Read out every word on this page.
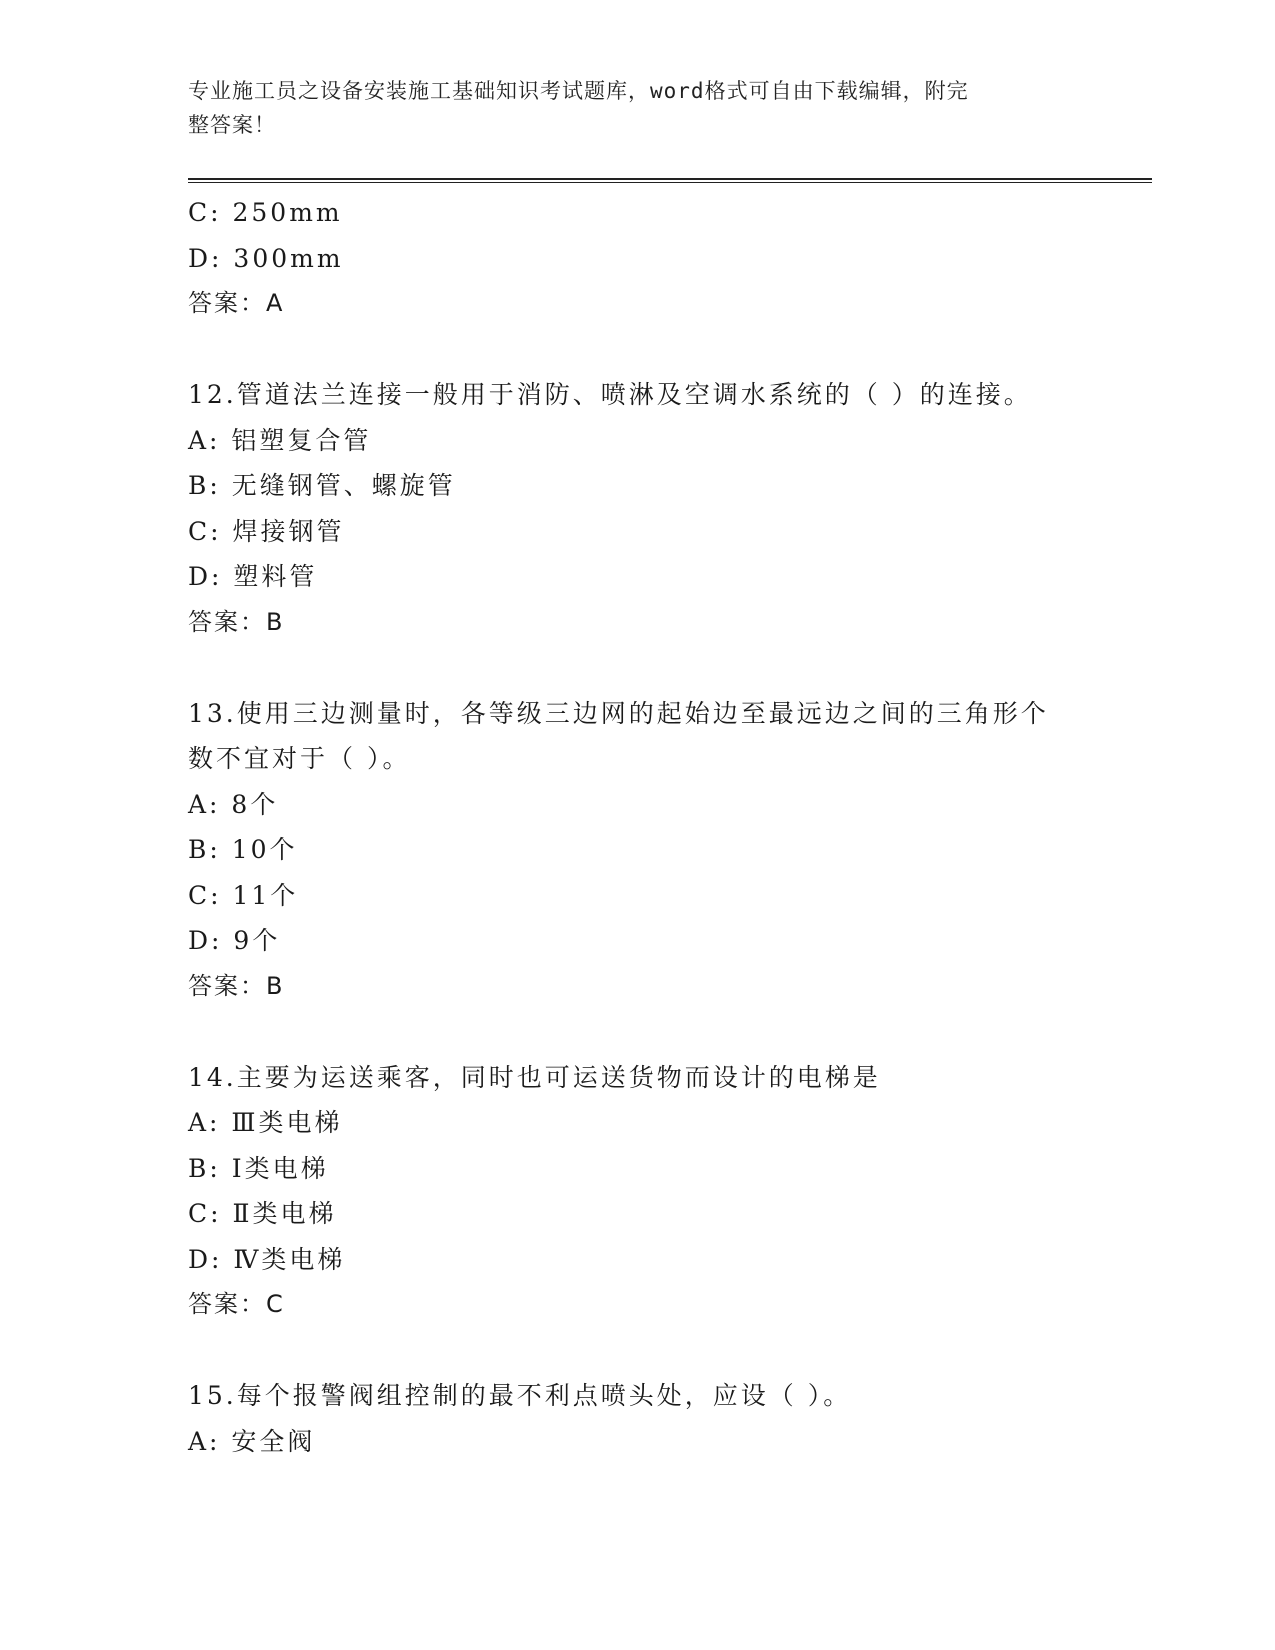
专业施工员之设备安装施工基础知识考试题库，word格式可自由下载编辑，附完
整答案！
C: 250mm
D: 300mm
答案：A
12.管道法兰连接一般用于消防、喷淋及空调水系统的（ ）的连接。
A: 铝塑复合管
B: 无缝钢管、螺旋管
C: 焊接钢管
D: 塑料管
答案：B
13.使用三边测量时，各等级三边网的起始边至最远边之间的三角形个
数不宜对于（ ）。
A: 8个
B: 10个
C: 11个
D: 9个
答案：B
14.主要为运送乘客，同时也可运送货物而设计的电梯是
A: Ⅲ类电梯
B: Ⅰ类电梯
C: Ⅱ类电梯
D: Ⅳ类电梯
答案：C
15.每个报警阀组控制的最不利点喷头处，应设（ ）。
A: 安全阀
